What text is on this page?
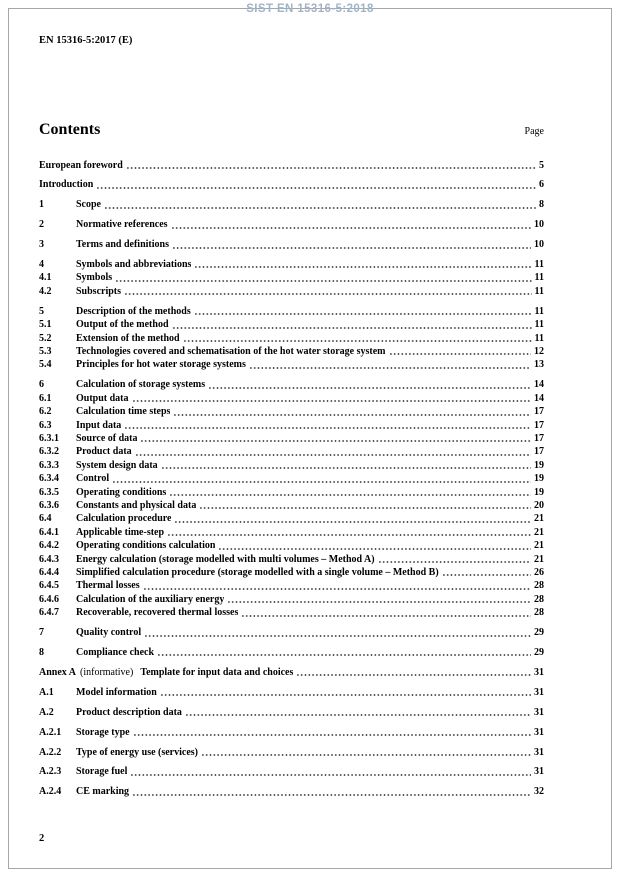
SIST EN 15316-5:2018
EN 15316-5:2017 (E)
Contents	Page
European foreword	5
Introduction	6
1	Scope	8
2	Normative references	10
3	Terms and definitions	10
4	Symbols and abbreviations	11
4.1	Symbols	11
4.2	Subscripts	11
5	Description of the methods	11
5.1	Output of the method	11
5.2	Extension of the method	11
5.3	Technologies covered and schematisation of the hot water storage system	12
5.4	Principles for hot water storage systems	13
6	Calculation of storage systems	14
6.1	Output data	14
6.2	Calculation time steps	17
6.3	Input data	17
6.3.1	Source of data	17
6.3.2	Product data	17
6.3.3	System design data	19
6.3.4	Control	19
6.3.5	Operating conditions	19
6.3.6	Constants and physical data	20
6.4	Calculation procedure	21
6.4.1	Applicable time-step	21
6.4.2	Operating conditions calculation	21
6.4.3	Energy calculation (storage modelled with multi volumes – Method A)	21
6.4.4	Simplified calculation procedure (storage modelled with a single volume – Method B)	26
6.4.5	Thermal losses	28
6.4.6	Calculation of the auxiliary energy	28
6.4.7	Recoverable, recovered thermal losses	28
7	Quality control	29
8	Compliance check	29
Annex A (informative) Template for input data and choices	31
A.1	Model information	31
A.2	Product description data	31
A.2.1	Storage type	31
A.2.2	Type of energy use (services)	31
A.2.3	Storage fuel	31
A.2.4	CE marking	32
2
